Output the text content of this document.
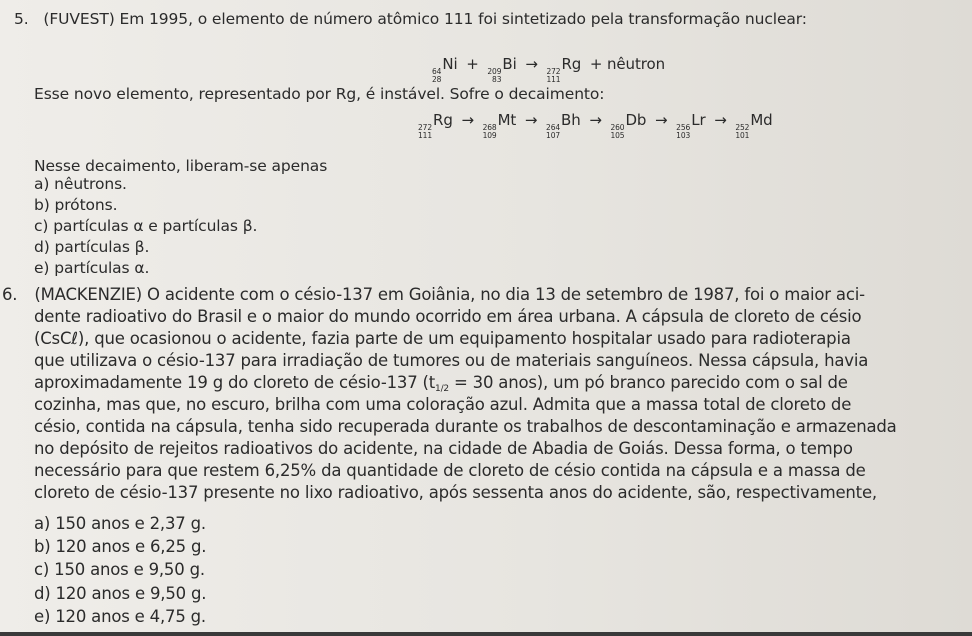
5. (FUVEST) Em 1995, o elemento de número atômico 111 foi sintetizado pela transformação nuclear:
64
28
Ni + 209
83
Bi → 272
111
Rg + nêutron
Esse novo elemento, representado por Rg, é instável. Sofre o decaimento:
272
111
Rg → 268
109
Mt → 264
107
Bh → 260
105
Db → 256
103
Lr → 252
101
Md
Nesse decaimento, liberam-se apenas
a) nêutrons.
b) prótons.
c) partículas α e partículas β.
d) partículas β.
e) partículas α.
6. (MACKENZIE) O acidente com o césio-137 em Goiânia, no dia 13 de setembro de 1987, foi o maior aci-
dente radioativo do Brasil e o maior do mundo ocorrido em área urbana. A cápsula de cloreto de césio
(CsCℓ), que ocasionou o acidente, fazia parte de um equipamento hospitalar usado para radioterapia
que utilizava o césio-137 para irradiação de tumores ou de materiais sanguíneos. Nessa cápsula, havia
aproximadamente 19 g do cloreto de césio-137 ($t_{1/2} = 30$ anos), um pó branco parecido com o sal de
cozinha, mas que, no escuro, brilha com uma coloração azul. Admita que a massa total de cloreto de
césio, contida na cápsula, tenha sido recuperada durante os trabalhos de descontaminação e armazenada
no depósito de rejeitos radioativos do acidente, na cidade de Abadia de Goiás. Dessa forma, o tempo
necessário para que restem 6,25% da quantidade de cloreto de césio contida na cápsula e a massa de
cloreto de césio-137 presente no lixo radioativo, após sessenta anos do acidente, são, respectivamente,
a) 150 anos e 2,37 g.
b) 120 anos e 6,25 g.
c) 150 anos e 9,50 g.
d) 120 anos e 9,50 g.
e) 120 anos e 4,75 g.
